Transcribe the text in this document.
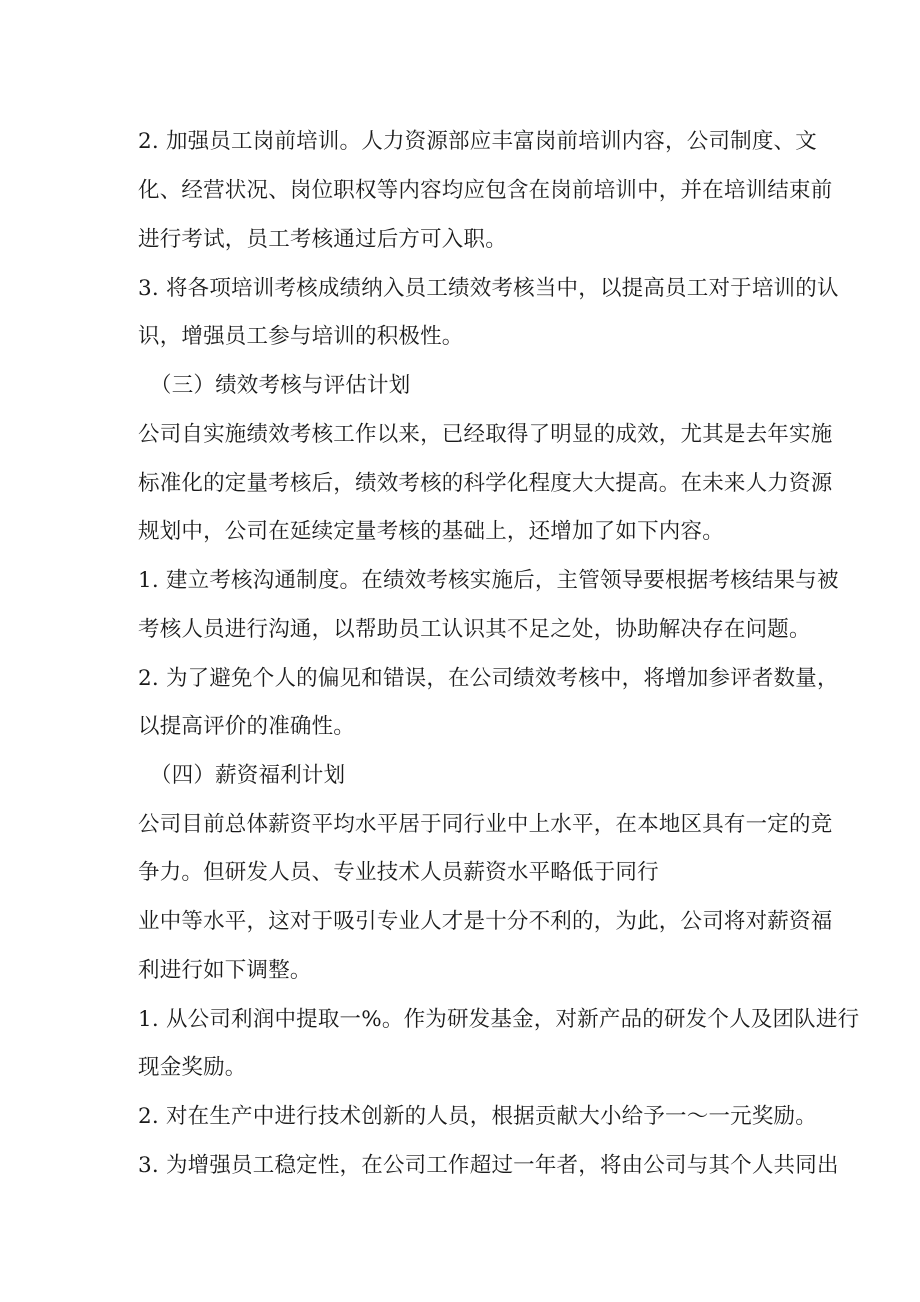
2. 加强员工岗前培训。人力资源部应丰富岗前培训内容，公司制度、文
化、经营状况、岗位职权等内容均应包含在岗前培训中，并在培训结束前
进行考试，员工考核通过后方可入职。
3. 将各项培训考核成绩纳入员工绩效考核当中，以提高员工对于培训的认
识，增强员工参与培训的积极性。
（三）绩效考核与评估计划
公司自实施绩效考核工作以来，已经取得了明显的成效，尤其是去年实施
标准化的定量考核后，绩效考核的科学化程度大大提高。在未来人力资源
规划中，公司在延续定量考核的基础上，还增加了如下内容。
1. 建立考核沟通制度。在绩效考核实施后，主管领导要根据考核结果与被
考核人员进行沟通，以帮助员工认识其不足之处，协助解决存在问题。
2. 为了避免个人的偏见和错误，在公司绩效考核中，将增加参评者数量，
以提高评价的准确性。
（四）薪资福利计划
公司目前总体薪资平均水平居于同行业中上水平，在本地区具有一定的竞
争力。但研发人员、专业技术人员薪资水平略低于同行
业中等水平，这对于吸引专业人才是十分不利的，为此，公司将对薪资福
利进行如下调整。
1. 从公司利润中提取一%。作为研发基金，对新产品的研发个人及团队进行
现金奖励。
2. 对在生产中进行技术创新的人员，根据贡献大小给予一～一元奖励。
3. 为增强员工稳定性，在公司工作超过一年者，将由公司与其个人共同出
